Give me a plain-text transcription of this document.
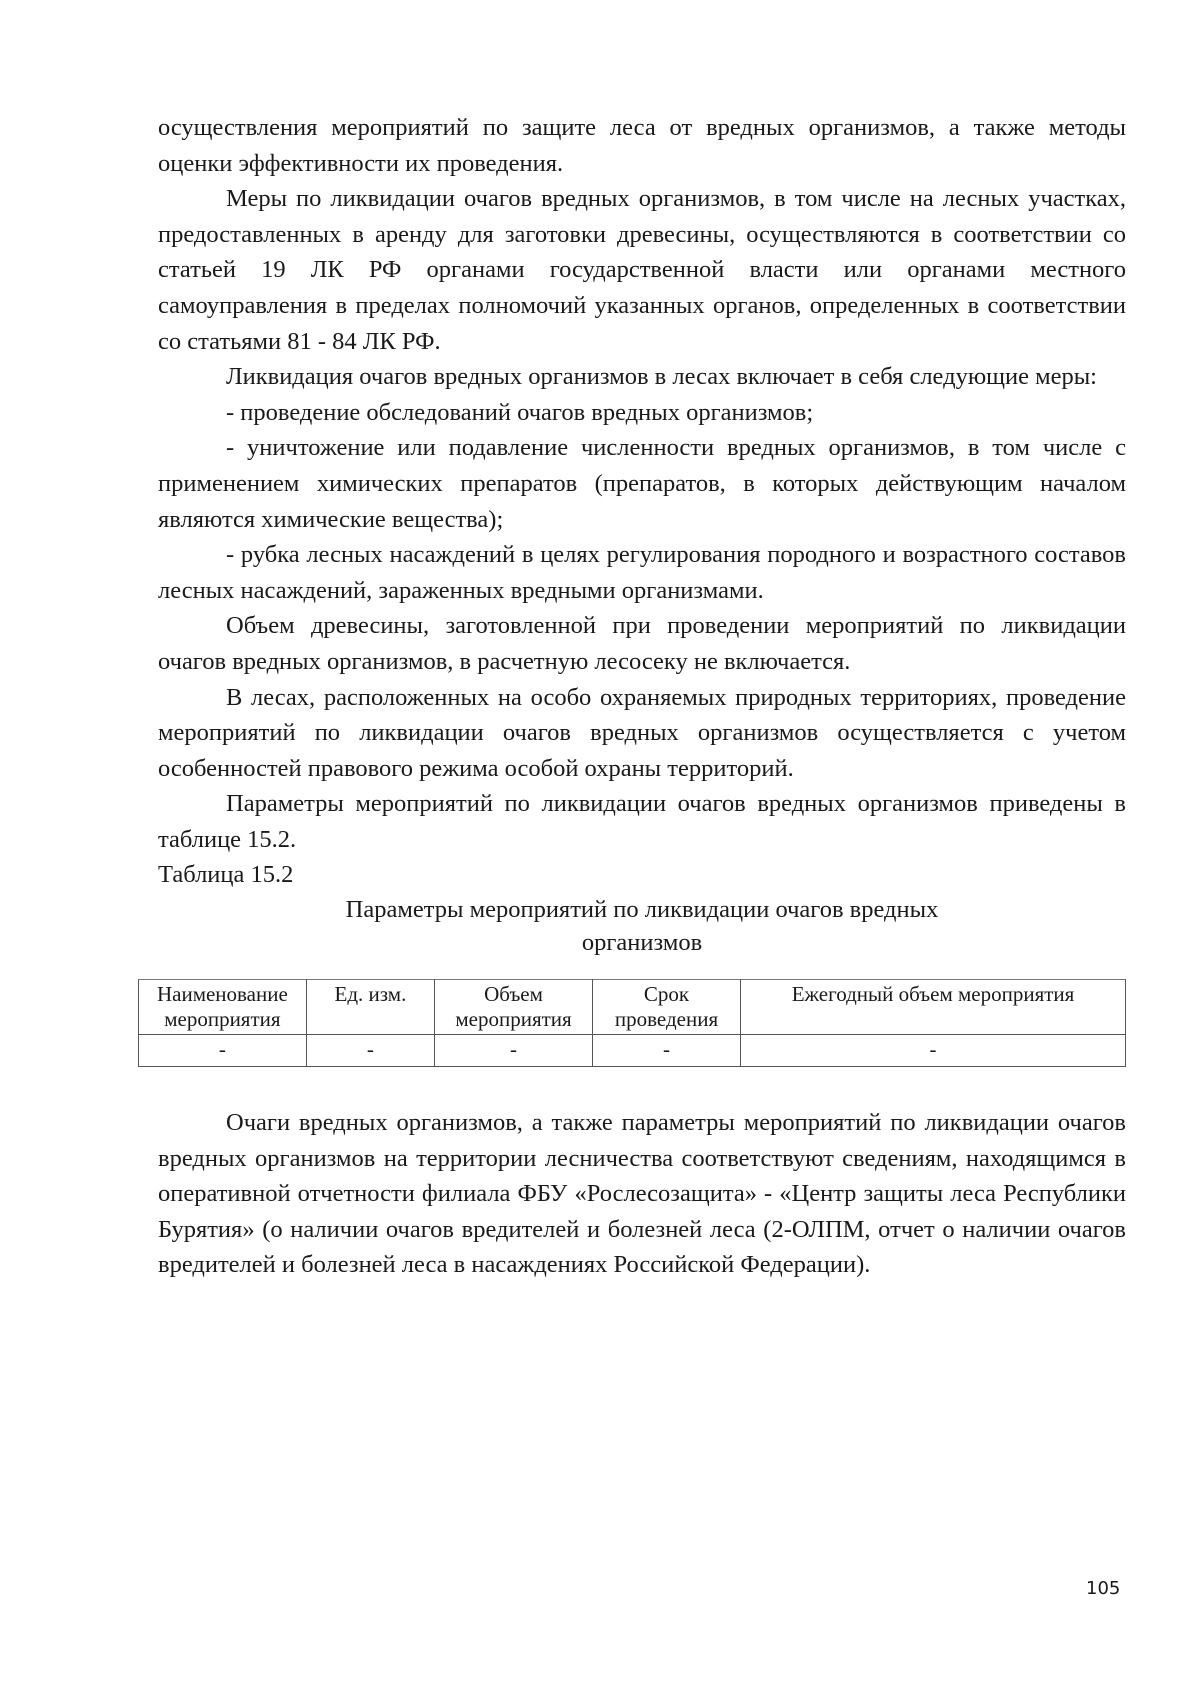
осуществления мероприятий по защите леса от вредных организмов, а также методы оценки эффективности их проведения.

Меры по ликвидации очагов вредных организмов, в том числе на лесных участках, предоставленных в аренду для заготовки древесины, осуществляются в соответствии со статьей 19 ЛК РФ органами государственной власти или органами местного самоуправления в пределах полномочий указанных органов, определенных в соответствии со статьями 81 - 84 ЛК РФ.

Ликвидация очагов вредных организмов в лесах включает в себя следующие меры:

- проведение обследований очагов вредных организмов;

- уничтожение или подавление численности вредных организмов, в том числе с применением химических препаратов (препаратов, в которых действующим началом являются химические вещества);

- рубка лесных насаждений в целях регулирования породного и возрастного составов лесных насаждений, зараженных вредными организмами.

Объем древесины, заготовленной при проведении мероприятий по ликвидации очагов вредных организмов, в расчетную лесосеку не включается.

В лесах, расположенных на особо охраняемых природных территориях, проведение мероприятий по ликвидации очагов вредных организмов осуществляется с учетом особенностей правового режима особой охраны территорий.

Параметры мероприятий по ликвидации очагов вредных организмов приведены в таблице 15.2.

Таблица 15.2

Параметры мероприятий по ликвидации очагов вредных
организмов
Наименование мероприятия	Ед. изм.	Объем мероприятия	Срок проведения	Ежегодный объем мероприятия
-	-	-	-	-

Очаги вредных организмов, а также параметры мероприятий по ликвидации очагов вредных организмов на территории лесничества соответствуют сведениям, находящимся в оперативной отчетности филиала ФБУ «Рослесозащита» - «Центр защиты леса Республики Бурятия» (о наличии очагов вредителей и болезней леса (2-ОЛПМ, отчет о наличии очагов вредителей и болезней леса в насаждениях Российской Федерации).

105
